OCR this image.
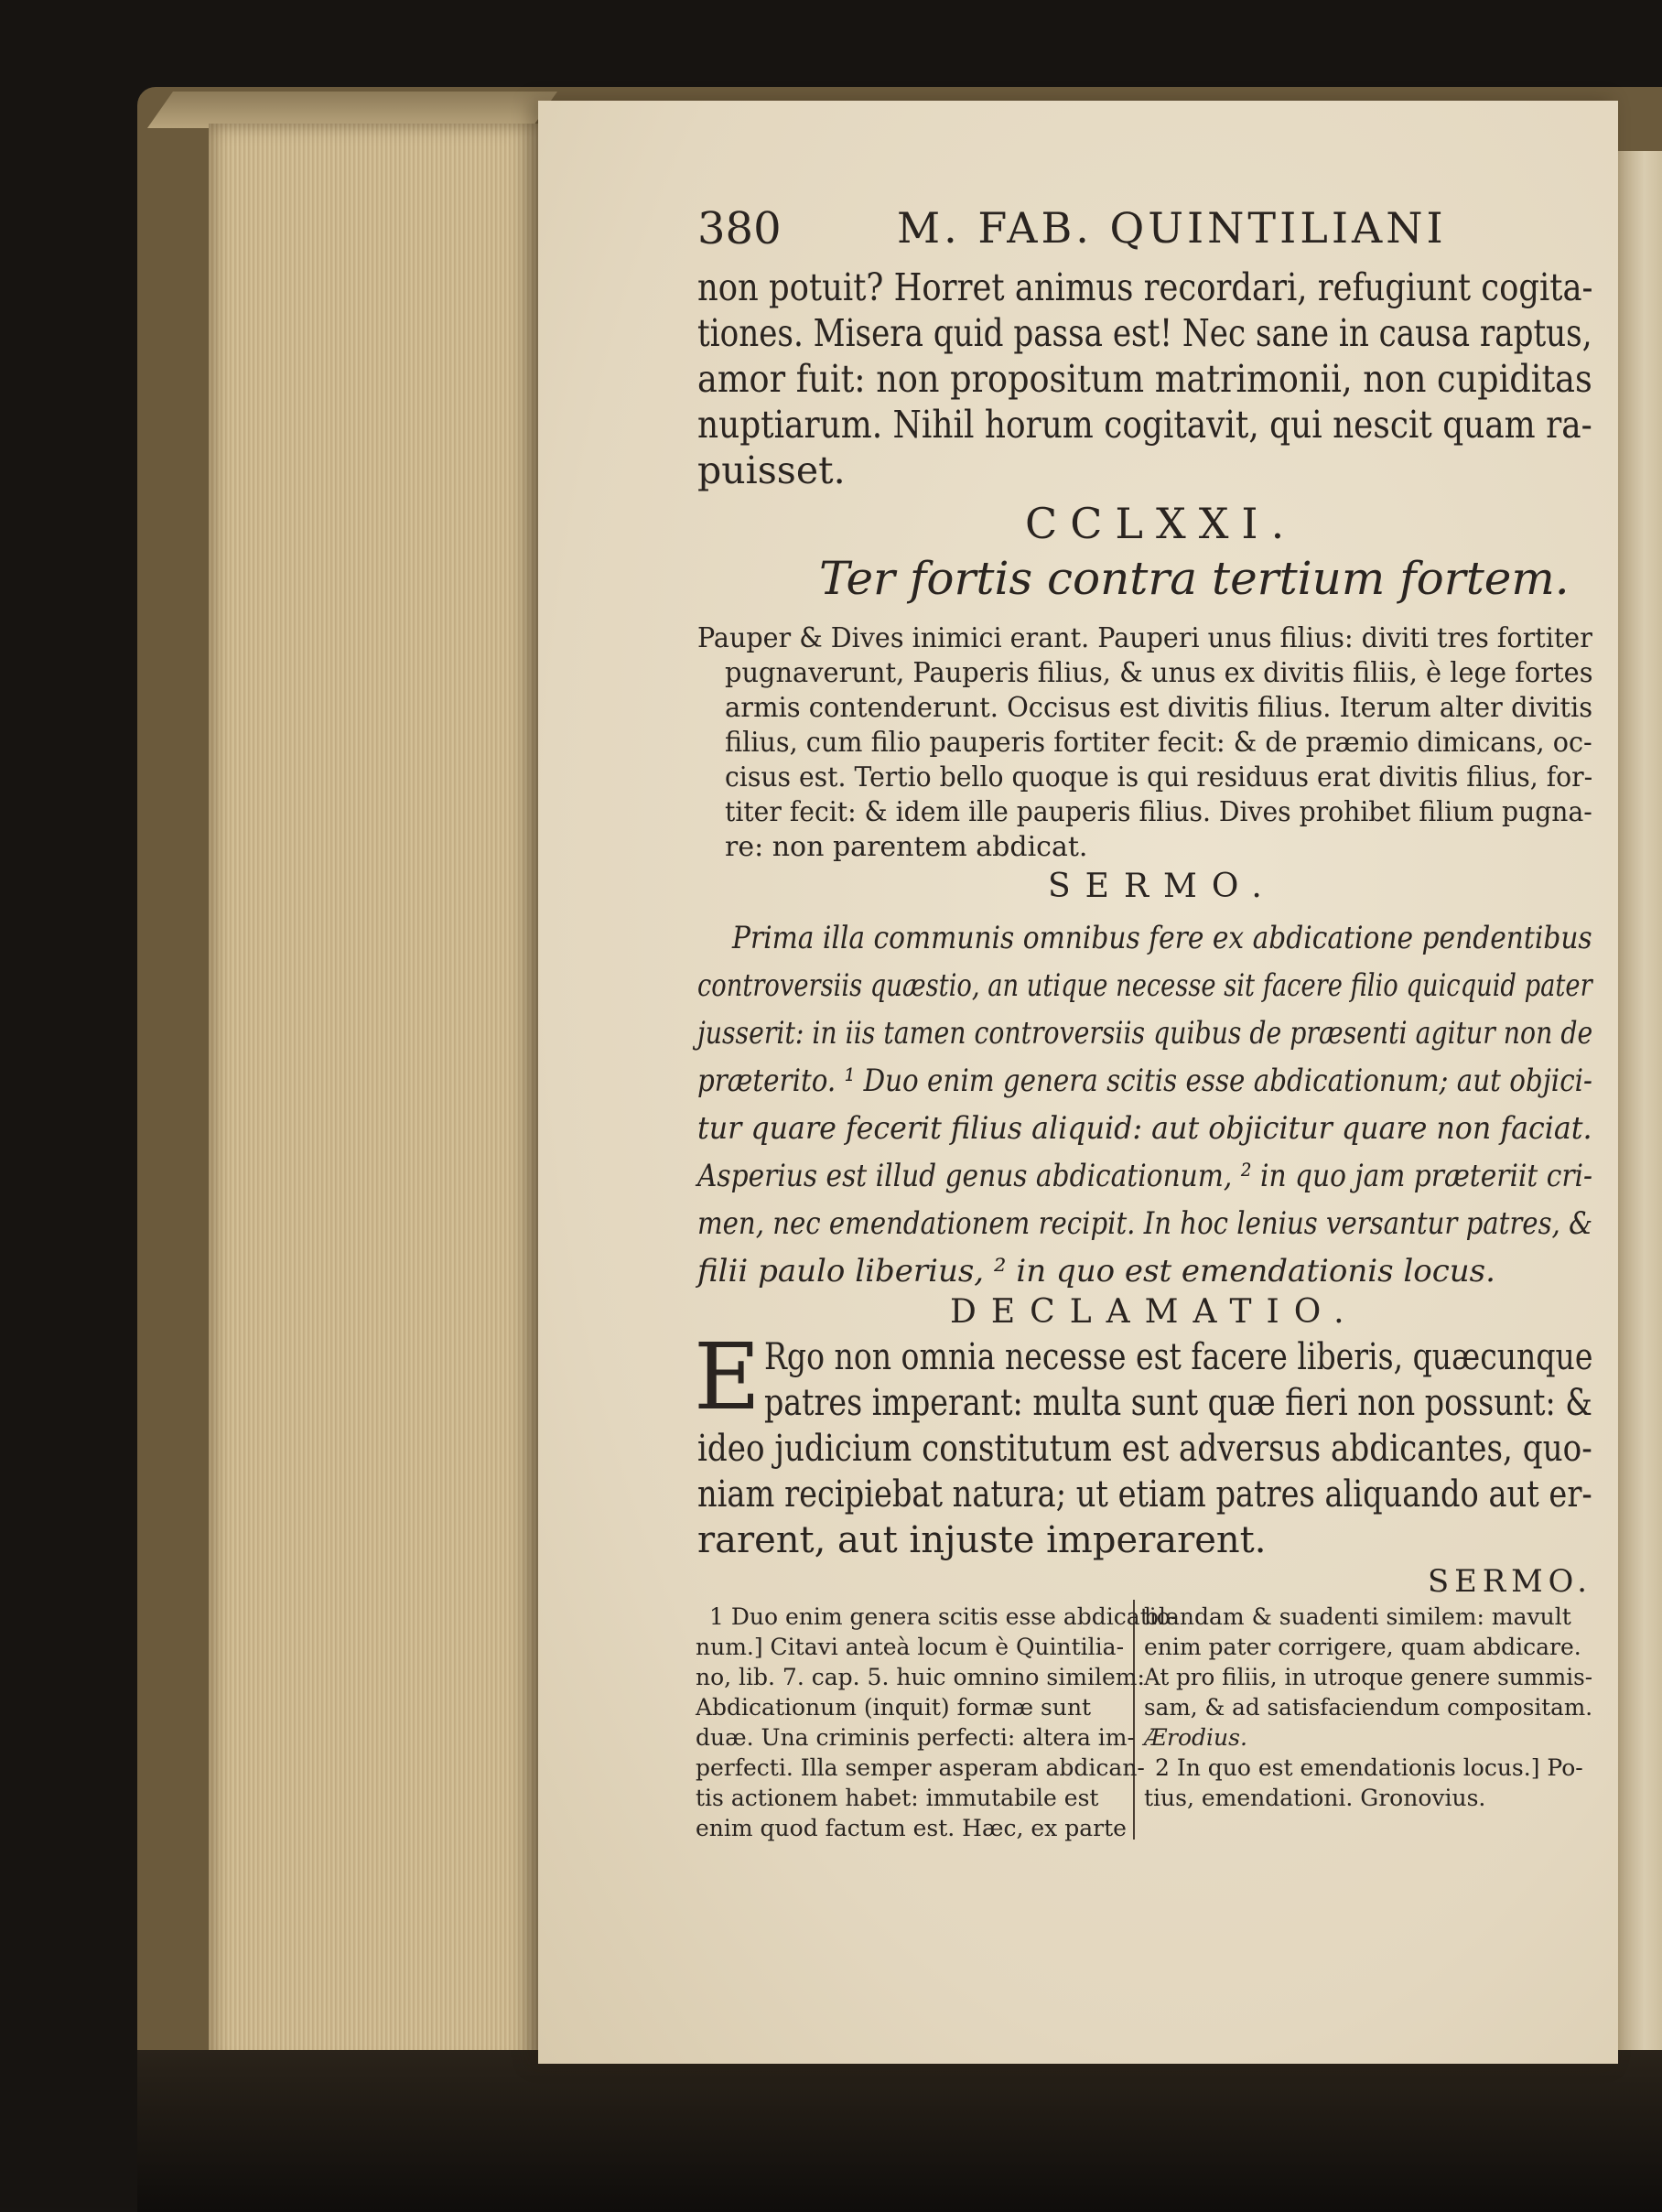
380	M. FAB. QUINTILIANI
non potuit? Horret animus recordari, refugiunt cogita-
tiones. Misera quid passa est! Nec sane in causa raptus,
amor fuit: non propositum matrimonii, non cupiditas
nuptiarum. Nihil horum cogitavit, qui nescit quam ra-
puisset.
CCLXXI.
Ter fortis contra tertium fortem.
Pauper & Dives inimici erant. Pauperi unus filius: diviti tres fortiter
pugnaverunt, Pauperis filius, & unus ex divitis filiis, è lege fortes
armis contenderunt. Occisus est divitis filius. Iterum alter divitis
filius, cum filio pauperis fortiter fecit: & de præmio dimicans, oc-
cisus est. Tertio bello quoque is qui residuus erat divitis filius, for-
titer fecit: & idem ille pauperis filius. Dives prohibet filium pugna-
re: non parentem abdicat.
SERMO.
Prima illa communis omnibus fere ex abdicatione pendentibus
controversiis quæstio, an utique necesse sit facere filio quicquid pater
jusserit: in iis tamen controversiis quibus de præsenti agitur non de
præterito. ¹ Duo enim genera scitis esse abdicationum; aut objici-
tur quare fecerit filius aliquid: aut objicitur quare non faciat.
Asperius est illud genus abdicationum, ² in quo jam præteriit cri-
men, nec emendationem recipit. In hoc lenius versantur patres, &
filii paulo liberius, ² in quo est emendationis locus.
DECLAMATIO.
E Rgo non omnia necesse est facere liberis, quæcunque
patres imperant: multa sunt quæ fieri non possunt: &
ideo judicium constitutum est adversus abdicantes, quo-
niam recipiebat natura; ut etiam patres aliquando aut er-
rarent, aut injuste imperarent.
SERMO.
1 Duo enim genera scitis esse abdicatio-
num.] Citavi anteà locum è Quintilia-
no, lib. 7. cap. 5. huic omnino similem:
Abdicationum (inquit) formæ sunt
duæ. Una criminis perfecti: altera im-
perfecti. Illa semper asperam abdican-
tis actionem habet: immutabile est
enim quod factum est. Hæc, ex parte
blandam & suadenti similem: mavult
enim pater corrigere, quam abdicare.
At pro filiis, in utroque genere summis-
sam, & ad satisfaciendum compositam.
Ærodius.
2 In quo est emendationis locus.] Po-
tius, emendationi. Gronovius.
